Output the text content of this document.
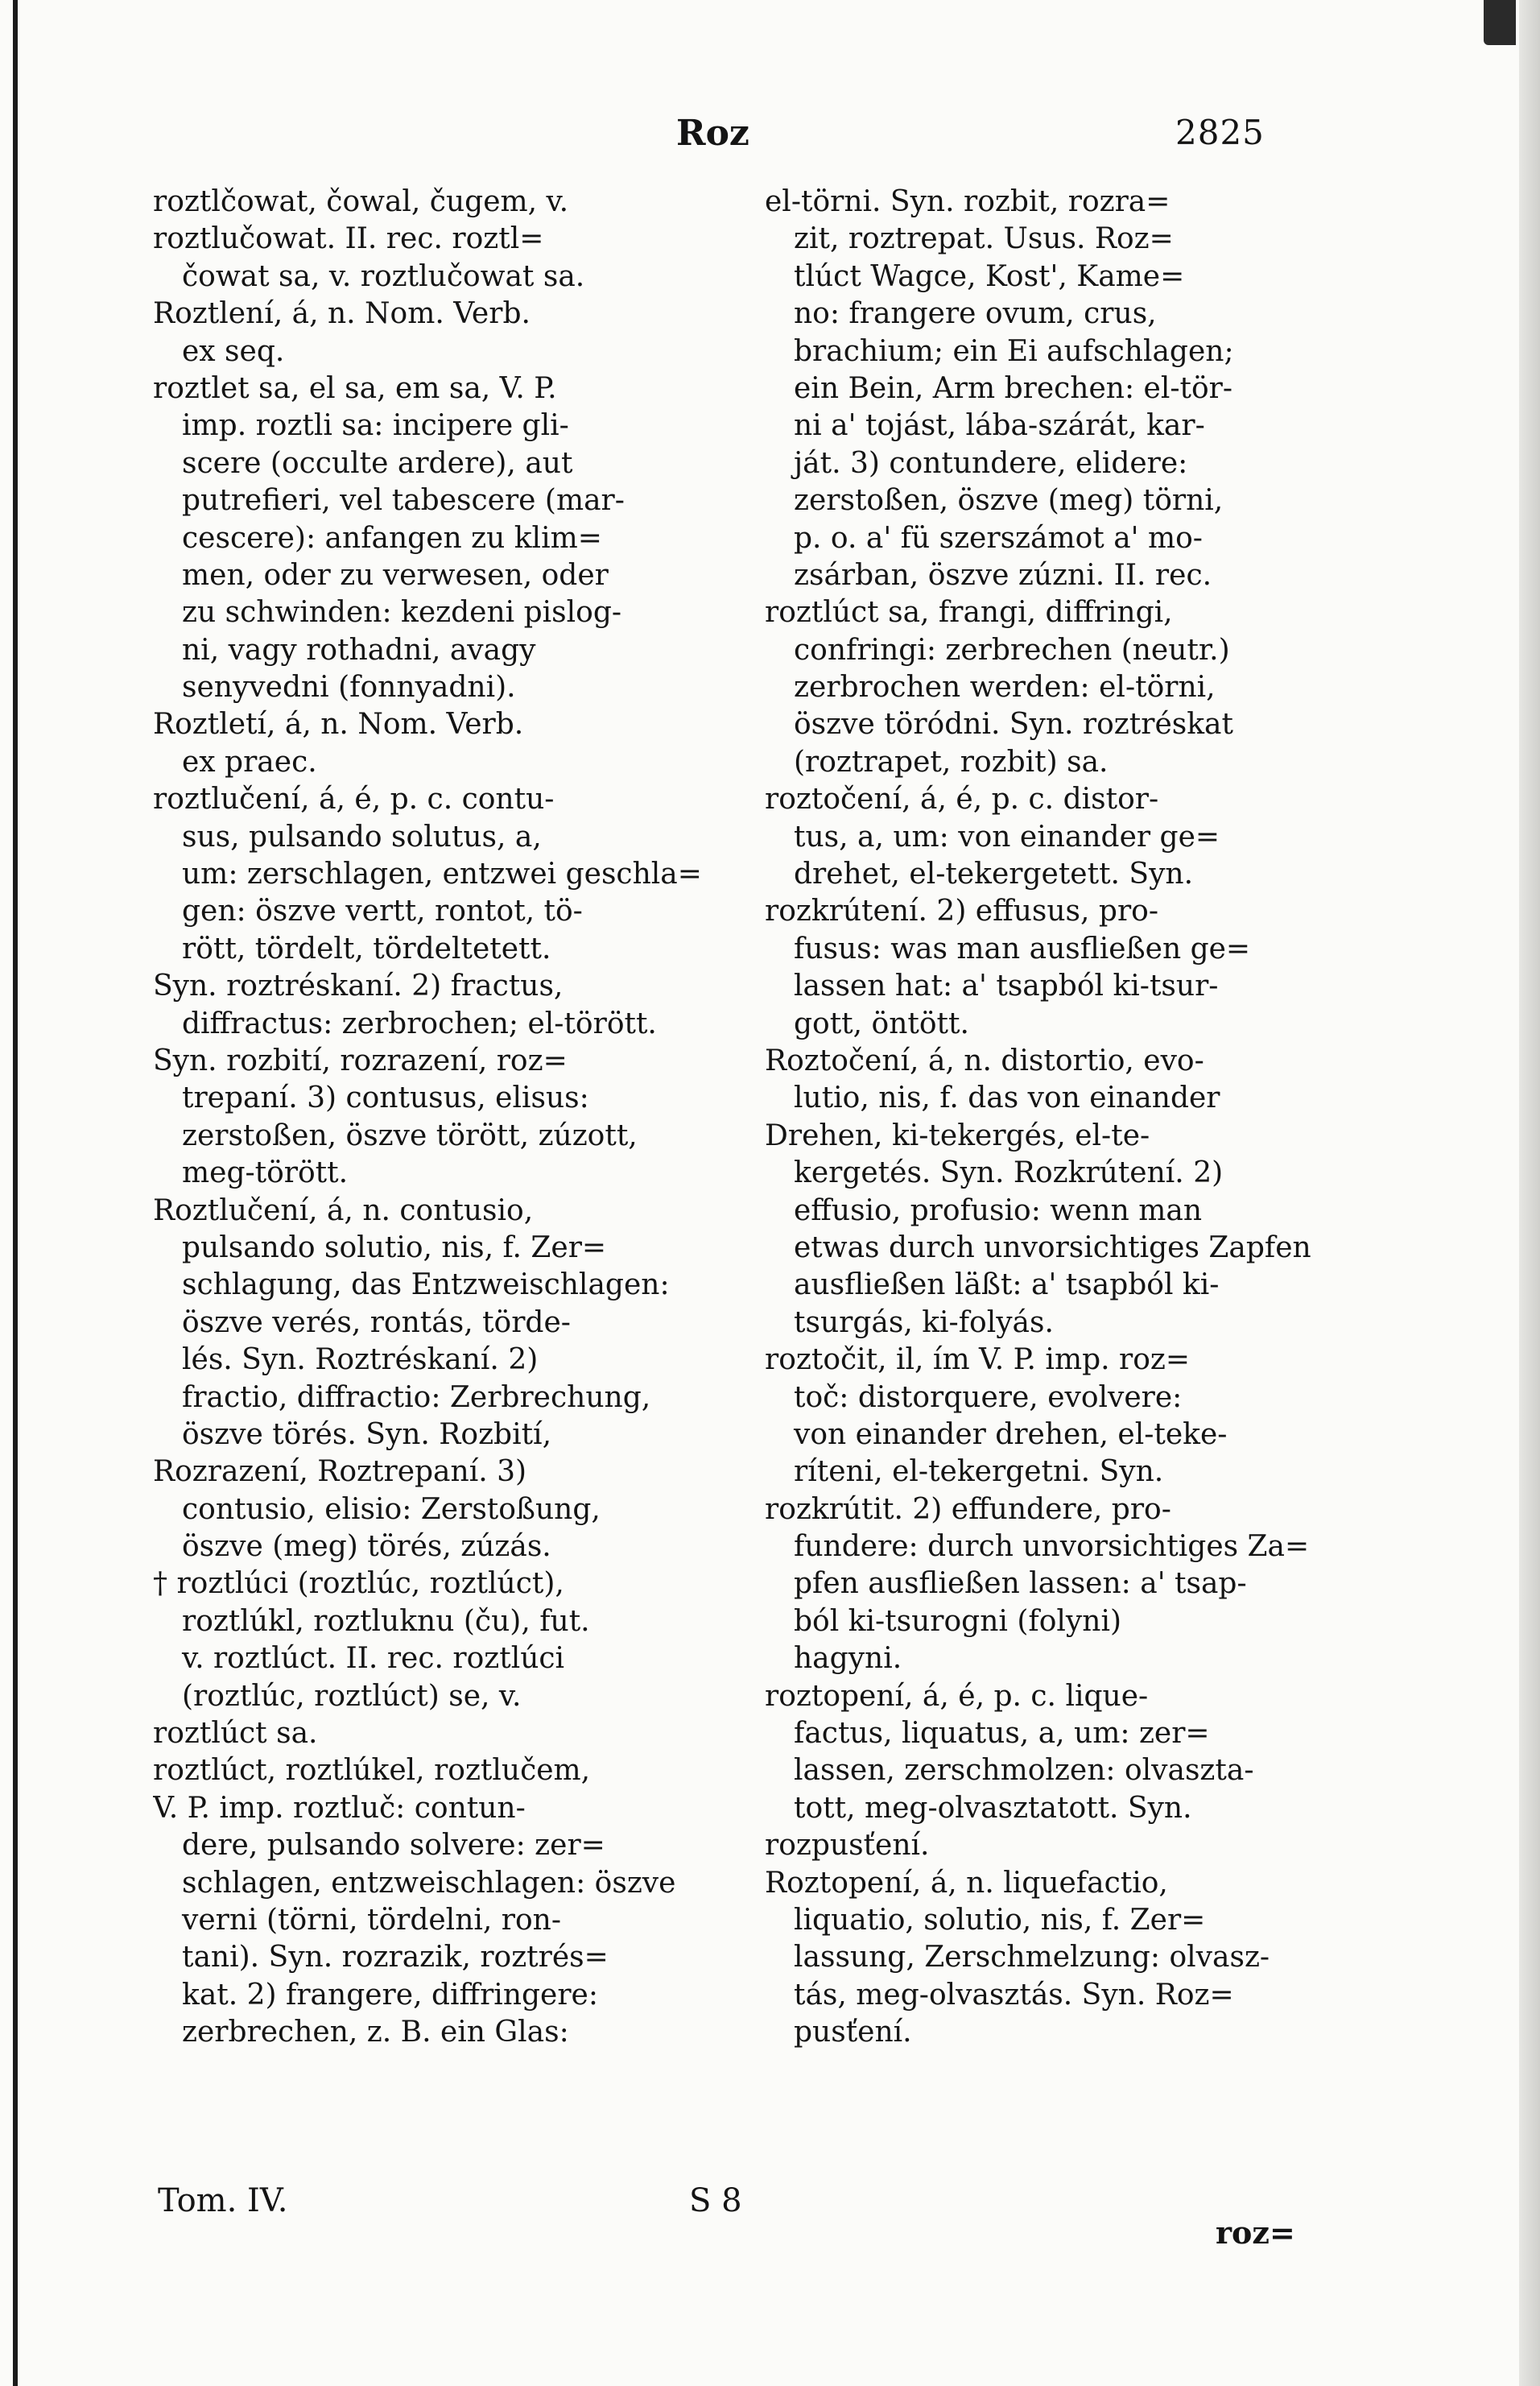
Roz	2825
roztlčowat, čowal, čugem, v.
roztlučowat. II. rec. roztl=
čowat sa, v. roztlučowat sa.
Roztlení, á, n. Nom. Verb.
ex seq.
roztlet sa, el sa, em sa, V. P.
imp. roztli sa: incipere gli-
scere (occulte ardere), aut
putrefieri, vel tabescere (mar-
cescere): anfangen zu klim=
men, oder zu verwesen, oder
zu schwinden: kezdeni pislog-
ni, vagy rothadni, avagy
senyvedni (fonnyadni).
Roztletí, á, n. Nom. Verb.
ex praec.
roztlučení, á, é, p. c. contu-
sus, pulsando solutus, a,
um: zerschlagen, entzwei geschla=
gen: öszve vertt, rontot, tö-
rött, tördelt, tördeltetett.
Syn. roztréskaní. 2) fractus,
diffractus: zerbrochen; el-törött.
Syn. rozbití, rozrazení, roz=
trepaní. 3) contusus, elisus:
zerstoßen, öszve törött, zúzott,
meg-törött.
Roztlučení, á, n. contusio,
pulsando solutio, nis, f. Zer=
schlagung, das Entzweischlagen:
öszve verés, rontás, törde-
lés. Syn. Roztréskaní. 2)
fractio, diffractio: Zerbrechung,
öszve törés. Syn. Rozbití,
Rozrazení, Roztrepaní. 3)
contusio, elisio: Zerstoßung,
öszve (meg) törés, zúzás.
† roztlúci (roztlúc, roztlúct),
roztlúkl, roztluknu (ču), fut.
v. roztlúct. II. rec. roztlúci
(roztlúc, roztlúct) se, v.
roztlúct sa.
roztlúct, roztlúkel, roztlučem,
V. P. imp. roztluč: contun-
dere, pulsando solvere: zer=
schlagen, entzweischlagen: öszve
verni (törni, tördelni, ron-
tani). Syn. rozrazik, roztrés=
kat. 2) frangere, diffringere:
zerbrechen, z. B. ein Glas:
el-törni. Syn. rozbit, rozra=
zit, roztrepat. Usus. Roz=
tlúct Wagce, Kost', Kame=
no: frangere ovum, crus,
brachium; ein Ei aufschlagen;
ein Bein, Arm brechen: el-tör-
ni a' tojást, lába-szárát, kar-
ját. 3) contundere, elidere:
zerstoßen, öszve (meg) törni,
p. o. a' fü szerszámot a' mo-
zsárban, öszve zúzni. II. rec.
roztlúct sa, frangi, diffringi,
confringi: zerbrechen (neutr.)
zerbrochen werden: el-törni,
öszve töródni. Syn. roztréskat
(roztrapet, rozbit) sa.
roztočení, á, é, p. c. distor-
tus, a, um: von einander ge=
drehet, el-tekergetett. Syn.
rozkrútení. 2) effusus, pro-
fusus: was man ausfließen ge=
lassen hat: a' tsapból ki-tsur-
gott, öntött.
Roztočení, á, n. distortio, evo-
lutio, nis, f. das von einander
Drehen, ki-tekergés, el-te-
kergetés. Syn. Rozkrútení. 2)
effusio, profusio: wenn man
etwas durch unvorsichtiges Zapfen
ausfließen läßt: a' tsapból ki-
tsurgás, ki-folyás.
roztočit, il, ím V. P. imp. roz=
toč: distorquere, evolvere:
von einander drehen, el-teke-
ríteni, el-tekergetni. Syn.
rozkrútit. 2) effundere, pro-
fundere: durch unvorsichtiges Za=
pfen ausfließen lassen: a' tsap-
ból ki-tsurogni (folyni)
hagyni.
roztopení, á, é, p. c. lique-
factus, liquatus, a, um: zer=
lassen, zerschmolzen: olvaszta-
tott, meg-olvasztatott. Syn.
rozpusťení.
Roztopení, á, n. liquefactio,
liquatio, solutio, nis, f. Zer=
lassung, Zerschmelzung: olvasz-
tás, meg-olvasztás. Syn. Roz=
pusťení.
Tom. IV.	S 8
roz=
